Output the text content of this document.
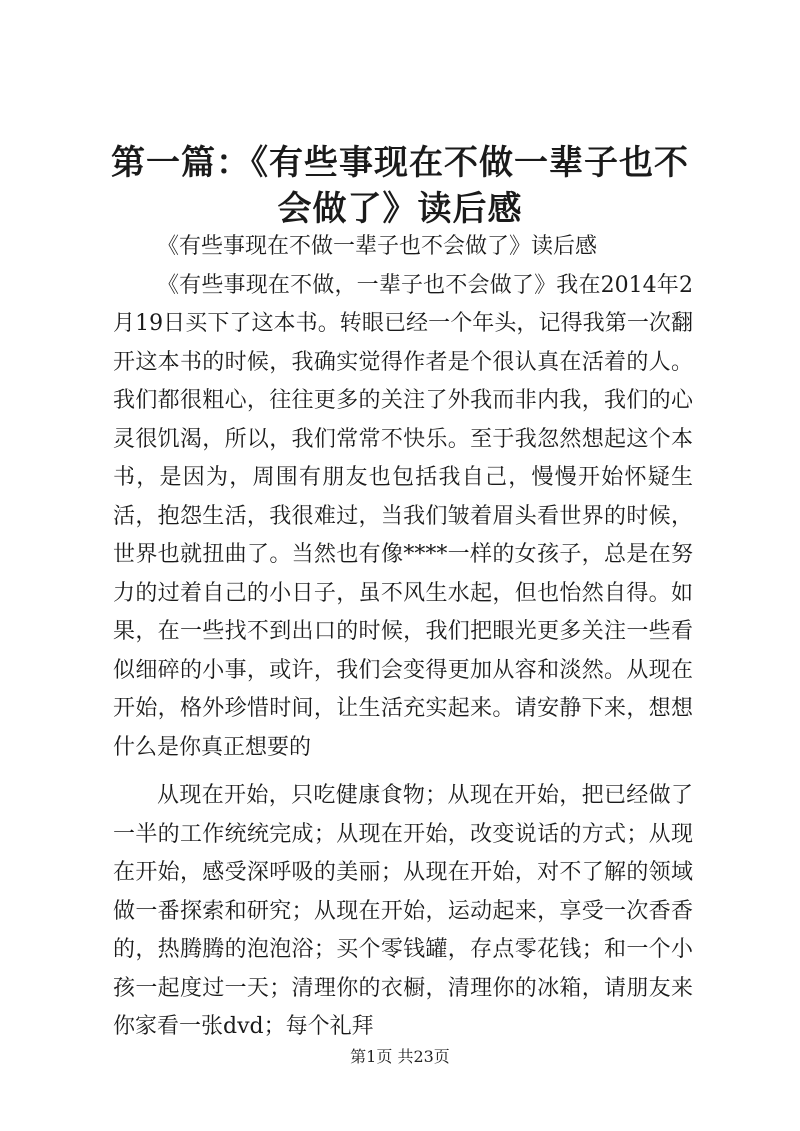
第一篇：《有些事现在不做一辈子也不会做了》读后感

《有些事现在不做一辈子也不会做了》读后感

《有些事现在不做，一辈子也不会做了》我在2014年2月19日买下了这本书。转眼已经一个年头，记得我第一次翻开这本书的时候，我确实觉得作者是个很认真在活着的人。我们都很粗心，往往更多的关注了外我而非内我，我们的心灵很饥渴，所以，我们常常不快乐。至于我忽然想起这个本书，是因为，周围有朋友也包括我自己，慢慢开始怀疑生活，抱怨生活，我很难过，当我们皱着眉头看世界的时候，世界也就扭曲了。当然也有像****一样的女孩子，总是在努力的过着自己的小日子，虽不风生水起，但也怡然自得。如果，在一些找不到出口的时候，我们把眼光更多关注一些看似细碎的小事，或许，我们会变得更加从容和淡然。从现在开始，格外珍惜时间，让生活充实起来。请安静下来，想想什么是你真正想要的

从现在开始，只吃健康食物；从现在开始，把已经做了一半的工作统统完成；从现在开始，改变说话的方式；从现在开始，感受深呼吸的美丽；从现在开始，对不了解的领域做一番探索和研究；从现在开始，运动起来，享受一次香香的，热腾腾的泡泡浴；买个零钱罐，存点零花钱；和一个小孩一起度过一天；清理你的衣橱，清理你的冰箱，请朋友来你家看一张dvd；每个礼拜

第1页 共23页
